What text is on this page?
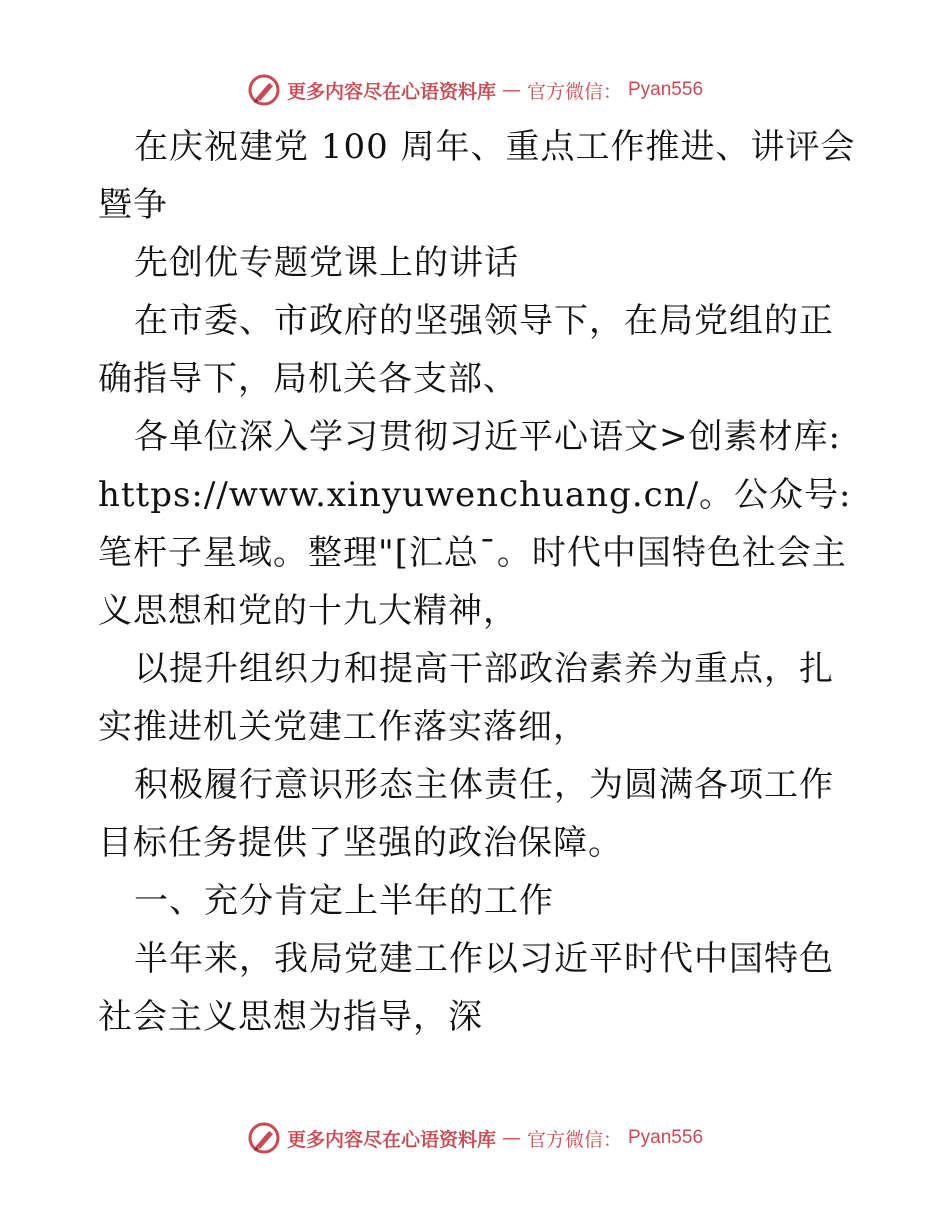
更多内容尽在心语资料库 — 官方微信： Pyan556

在庆祝建党 100 周年、重点工作推进、讲评会暨争

先创优专题党课上的讲话

在市委、市政府的坚强领导下，在局党组的正确指导下，局机关各支部、

各单位深入学习贯彻习近平心语文>创素材库:https://www.xinyuwenchuang.cn/。公众号: 笔杆子星域。整理"[汇总¯。时代中国特色社会主义思想和党的十九大精神，

以提升组织力和提高干部政治素养为重点，扎实推进机关党建工作落实落细，

积极履行意识形态主体责任，为圆满各项工作目标任务提供了坚强的政治保障。

一、充分肯定上半年的工作

半年来，我局党建工作以习近平时代中国特色社会主义思想为指导，深

更多内容尽在心语资料库 — 官方微信： Pyan556
